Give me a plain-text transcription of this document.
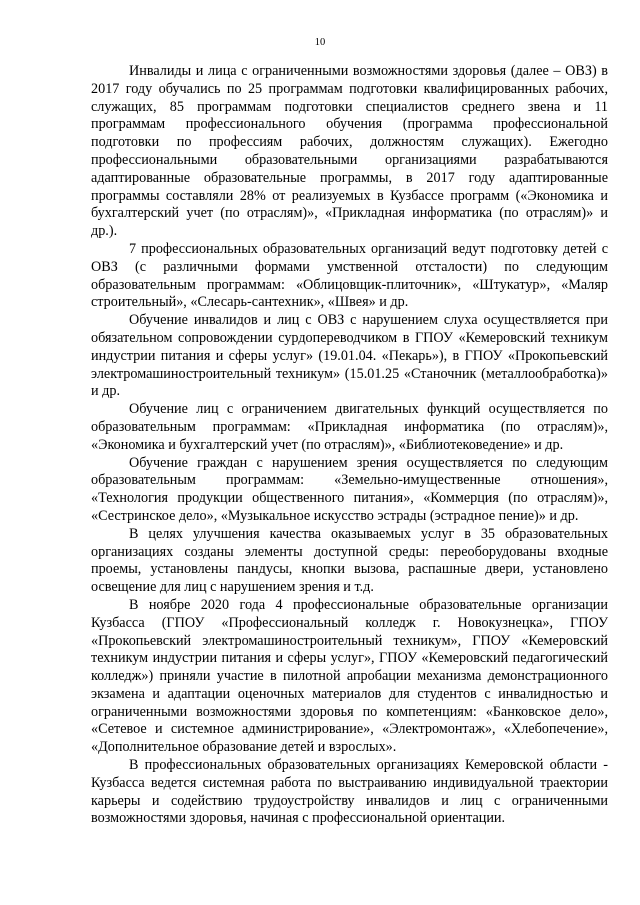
10

Инвалиды и лица с ограниченными возможностями здоровья (далее – ОВЗ) в 2017 году обучались по 25 программам подготовки квалифицированных рабочих, служащих, 85 программам подготовки специалистов среднего звена и 11 программам профессионального обучения (программа профессиональной подготовки по профессиям рабочих, должностям служащих). Ежегодно профессиональными образовательными организациями разрабатываются адаптированные образовательные программы, в 2017 году адаптированные программы составляли 28% от реализуемых в Кузбассе программ («Экономика и бухгалтерский учет (по отраслям)», «Прикладная информатика (по отраслям)» и др.).

7 профессиональных образовательных организаций ведут подготовку детей с ОВЗ (с различными формами умственной отсталости) по следующим образовательным программам: «Облицовщик-плиточник», «Штукатур», «Маляр строительный», «Слесарь-сантехник», «Швея» и др.

Обучение инвалидов и лиц с ОВЗ с нарушением слуха осуществляется при обязательном сопровождении сурдопереводчиком в ГПОУ «Кемеровский техникум индустрии питания и сферы услуг» (19.01.04. «Пекарь»), в ГПОУ «Прокопьевский электромашиностроительный техникум» (15.01.25 «Станочник (металлообработка)» и др.

Обучение лиц с ограничением двигательных функций осуществляется по образовательным программам: «Прикладная информатика (по отраслям)», «Экономика и бухгалтерский учет (по отраслям)», «Библиотековедение» и др.

Обучение граждан с нарушением зрения осуществляется по следующим образовательным программам: «Земельно-имущественные отношения», «Технология продукции общественного питания», «Коммерция (по отраслям)», «Сестринское дело», «Музыкальное искусство эстрады (эстрадное пение)» и др.

В целях улучшения качества оказываемых услуг в 35 образовательных организациях созданы элементы доступной среды: переоборудованы входные проемы, установлены пандусы, кнопки вызова, распашные двери, установлено освещение для лиц с нарушением зрения и т.д.

В ноябре 2020 года 4 профессиональные образовательные организации Кузбасса (ГПОУ «Профессиональный колледж г. Новокузнецка», ГПОУ «Прокопьевский электромашиностроительный техникум», ГПОУ «Кемеровский техникум индустрии питания и сферы услуг», ГПОУ «Кемеровский педагогический колледж») приняли участие в пилотной апробации механизма демонстрационного экзамена и адаптации оценочных материалов для студентов с инвалидностью и ограниченными возможностями здоровья по компетенциям: «Банковское дело», «Сетевое и системное администрирование», «Электромонтаж», «Хлебопечение», «Дополнительное образование детей и взрослых».

В профессиональных образовательных организациях Кемеровской области - Кузбасса ведется системная работа по выстраиванию индивидуальной траектории карьеры и содействию трудоустройству инвалидов и лиц с ограниченными возможностями здоровья, начиная с профессиональной ориентации.
